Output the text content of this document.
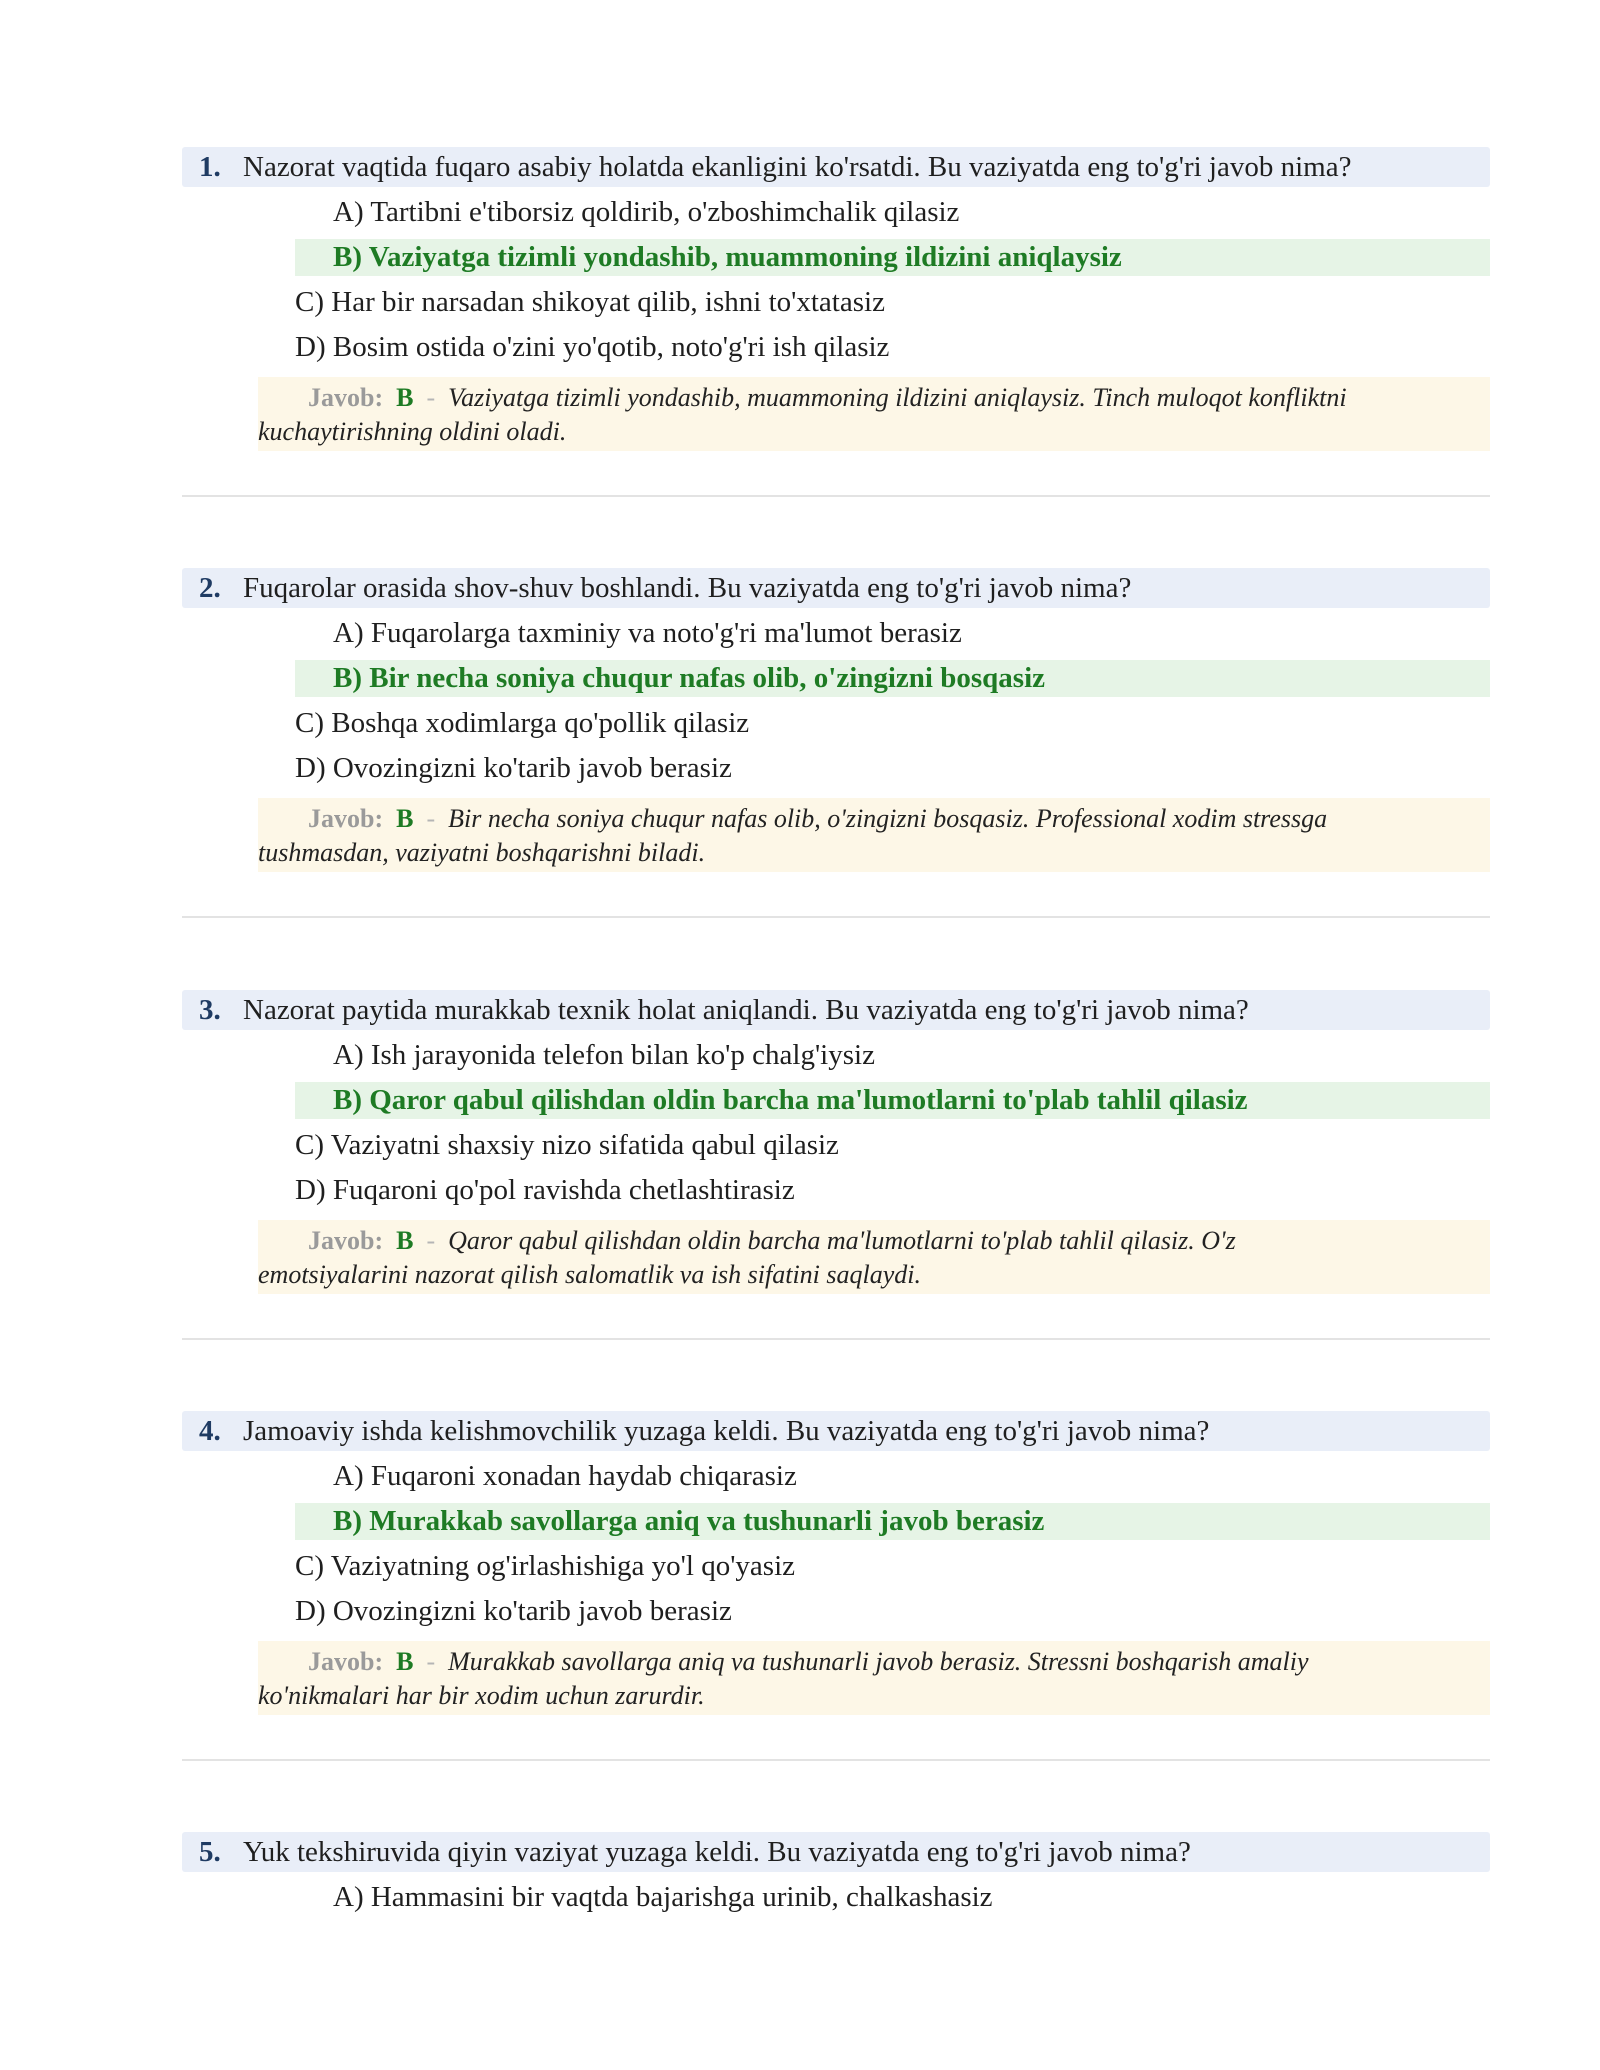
1. Nazorat vaqtida fuqaro asabiy holatda ekanligini ko'rsatdi. Bu vaziyatda eng to'g'ri javob nima?
A) Tartibni e'tiborsiz qoldirib, o'zboshimchalik qilasiz
B) Vaziyatga tizimli yondashib, muammoning ildizini aniqlaysiz
C) Har bir narsadan shikoyat qilib, ishni to'xtatasiz
D) Bosim ostida o'zini yo'qotib, noto'g'ri ish qilasiz
Javob: B - Vaziyatga tizimli yondashib, muammoning ildizini aniqlaysiz. Tinch muloqot konfliktni
kuchaytirishning oldini oladi.
2. Fuqarolar orasida shov-shuv boshlandi. Bu vaziyatda eng to'g'ri javob nima?
A) Fuqarolarga taxminiy va noto'g'ri ma'lumot berasiz
B) Bir necha soniya chuqur nafas olib, o'zingizni bosqasiz
C) Boshqa xodimlarga qo'pollik qilasiz
D) Ovozingizni ko'tarib javob berasiz
Javob: B - Bir necha soniya chuqur nafas olib, o'zingizni bosqasiz. Professional xodim stressga
tushmasdan, vaziyatni boshqarishni biladi.
3. Nazorat paytida murakkab texnik holat aniqlandi. Bu vaziyatda eng to'g'ri javob nima?
A) Ish jarayonida telefon bilan ko'p chalg'iysiz
B) Qaror qabul qilishdan oldin barcha ma'lumotlarni to'plab tahlil qilasiz
C) Vaziyatni shaxsiy nizo sifatida qabul qilasiz
D) Fuqaroni qo'pol ravishda chetlashtirasiz
Javob: B - Qaror qabul qilishdan oldin barcha ma'lumotlarni to'plab tahlil qilasiz. O'z
emotsiyalarini nazorat qilish salomatlik va ish sifatini saqlaydi.
4. Jamoaviy ishda kelishmovchilik yuzaga keldi. Bu vaziyatda eng to'g'ri javob nima?
A) Fuqaroni xonadan haydab chiqarasiz
B) Murakkab savollarga aniq va tushunarli javob berasiz
C) Vaziyatning og'irlashishiga yo'l qo'yasiz
D) Ovozingizni ko'tarib javob berasiz
Javob: B - Murakkab savollarga aniq va tushunarli javob berasiz. Stressni boshqarish amaliy
ko'nikmalari har bir xodim uchun zarurdir.
5. Yuk tekshiruvida qiyin vaziyat yuzaga keldi. Bu vaziyatda eng to'g'ri javob nima?
A) Hammasini bir vaqtda bajarishga urinib, chalkashasiz
